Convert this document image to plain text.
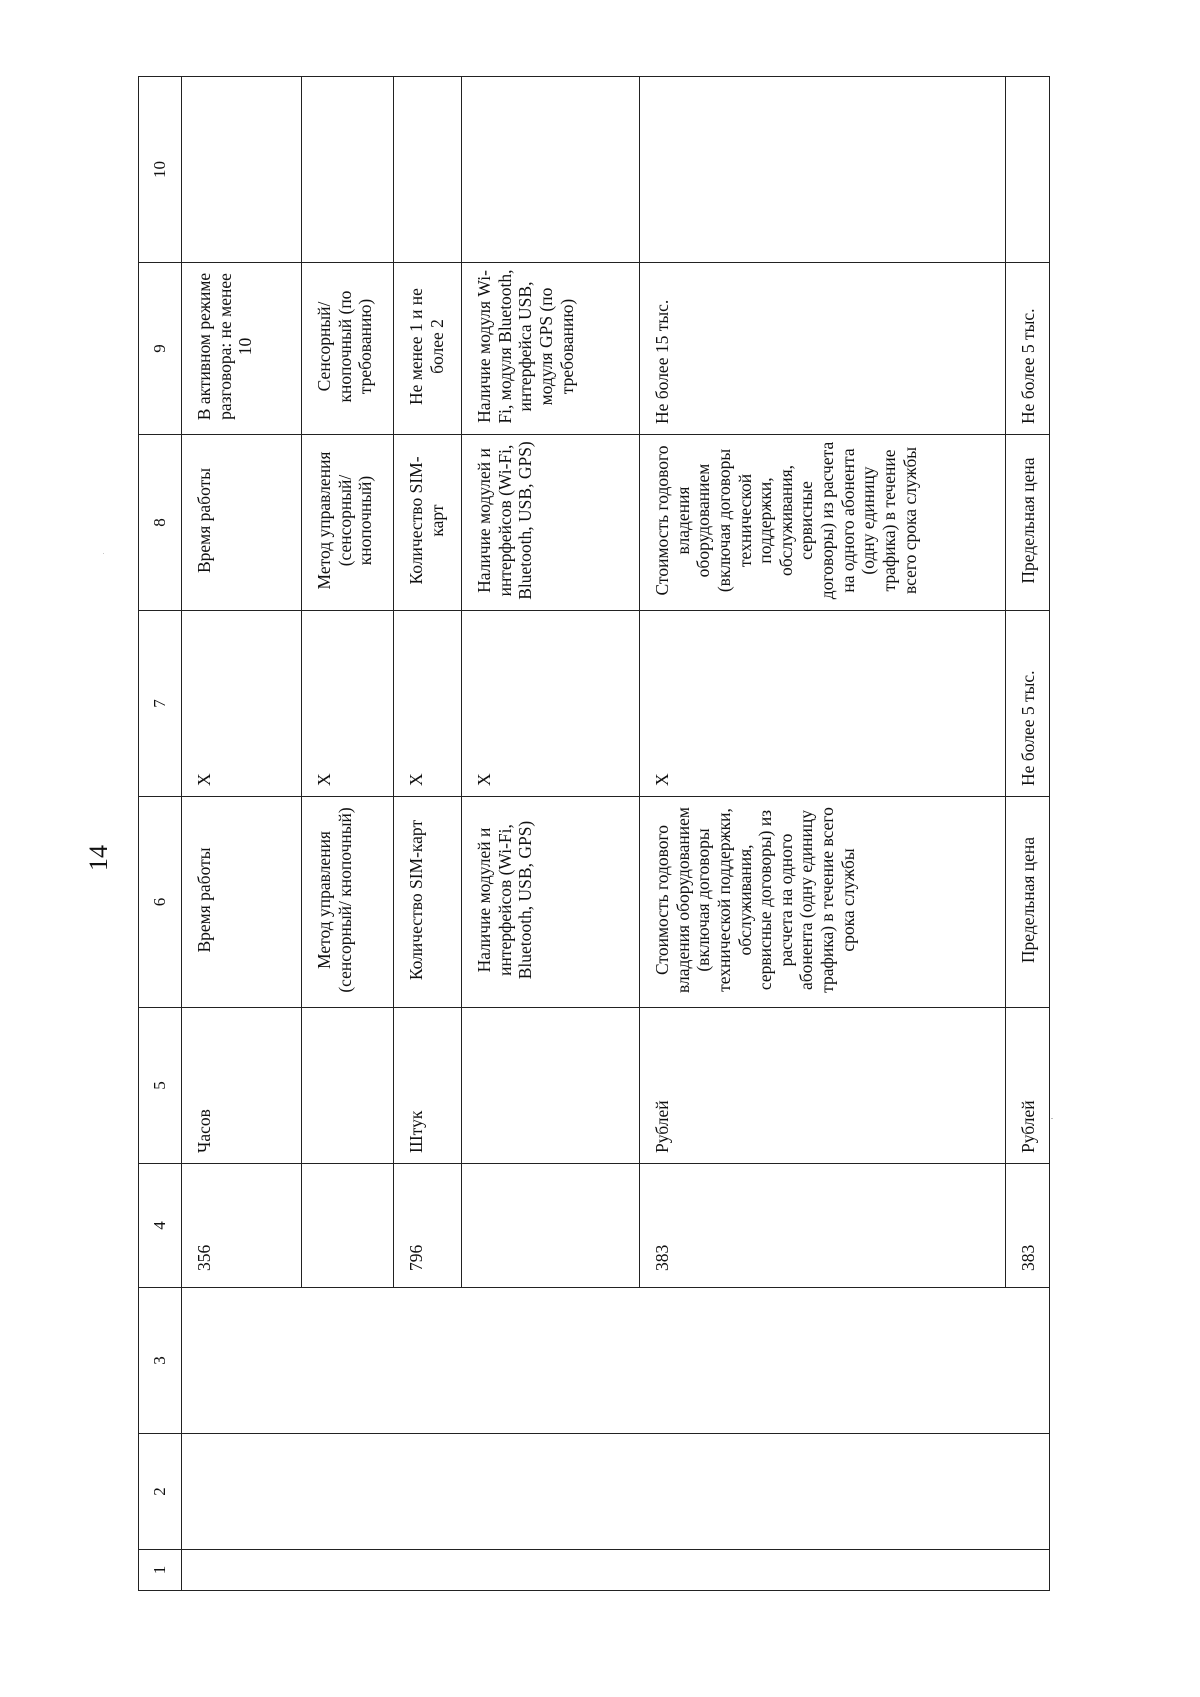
14
1	2	3	4	5	6	7	8	9	10
			356	Часов	Время работы	Х	Время работы	В активном режиме разговора: не менее 10	
					Метод управления (сенсорный/ кнопочный)	Х	Метод управления (сенсорный/ кнопочный)	Сенсорный/ кнопочный (по требованию)	
			796	Штук	Количество SIM-карт	Х	Количество SIM-карт	Не менее 1 и не более 2	
					Наличие модулей и интерфейсов (Wi-Fi, Bluetooth, USB, GPS)	Х	Наличие модулей и интерфейсов (Wi-Fi, Bluetooth, USB, GPS)	Наличие модуля Wi-Fi, модуля Bluetooth, интерфейса USB, модуля GPS (по требованию)	
			383	Рублей	Стоимость годового владения оборудованием (включая договоры технической поддержки, обслуживания, сервисные договоры) из расчета на одного абонента (одну единицу трафика) в течение всего срока службы	Х	Стоимость годового владения оборудованием (включая договоры технической поддержки, обслуживания, сервисные договоры) из расчета на одного абонента (одну единицу трафика) в течение всего срока службы	Не более 15 тыс.	
			383	Рублей	Предельная цена	Не более 5 тыс.	Предельная цена	Не более 5 тыс.	
